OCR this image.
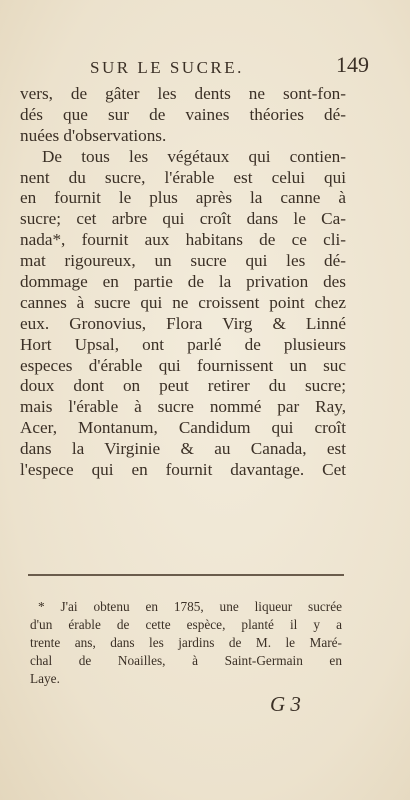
SUR LE SUCRE.	149
vers, de gâter les dents ne sont-fon-
dés que sur de vaines théories dé-
nuées d'observations.
De tous les végétaux qui contien-
nent du sucre, l'érable est celui qui
en fournit le plus après la canne à
sucre; cet arbre qui croît dans le Ca-
nada*, fournit aux habitans de ce cli-
mat rigoureux, un sucre qui les dé-
dommage en partie de la privation des
cannes à sucre qui ne croissent point chez
eux. Gronovius, Flora Virg & Linné
Hort Upsal, ont parlé de plusieurs
especes d'érable qui fournissent un suc
doux dont on peut retirer du sucre;
mais l'érable à sucre nommé par Ray,
Acer, Montanum, Candidum qui croît
dans la Virginie & au Canada, est
l'espece qui en fournit davantage. Cet
* J'ai obtenu en 1785, une liqueur sucrée
d'un érable de cette espèce, planté il y a
trente ans, dans les jardins de M. le Maré-
chal de Noailles, à Saint-Germain en
Laye.
G 3
